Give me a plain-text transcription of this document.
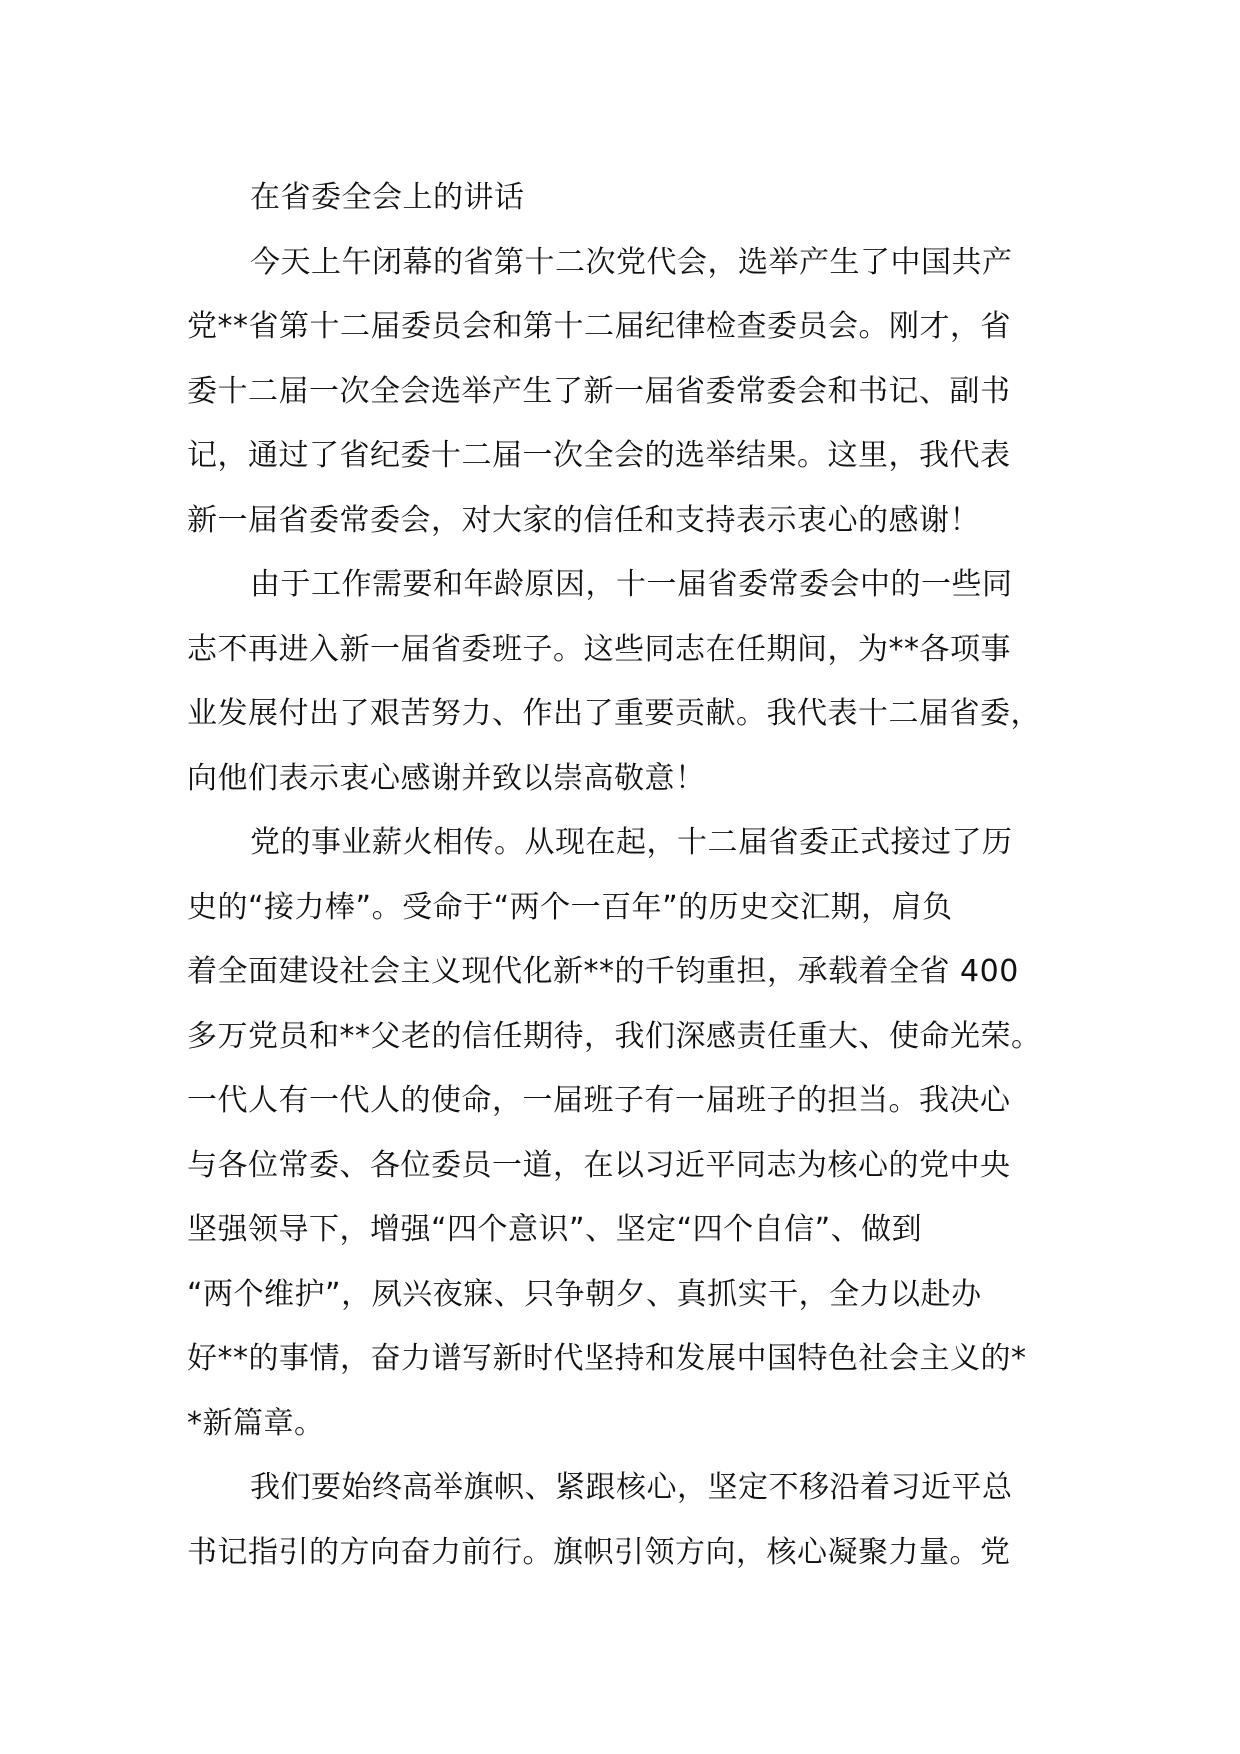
在省委全会上的讲话
今天上午闭幕的省第十二次党代会，选举产生了中国共产
党**省第十二届委员会和第十二届纪律检查委员会。刚才，省
委十二届一次全会选举产生了新一届省委常委会和书记、副书
记，通过了省纪委十二届一次全会的选举结果。这里，我代表
新一届省委常委会，对大家的信任和支持表示衷心的感谢！
由于工作需要和年龄原因，十一届省委常委会中的一些同
志不再进入新一届省委班子。这些同志在任期间，为**各项事
业发展付出了艰苦努力、作出了重要贡献。我代表十二届省委，
向他们表示衷心感谢并致以崇高敬意！
党的事业薪火相传。从现在起，十二届省委正式接过了历
史的“接力棒”。受命于“两个一百年”的历史交汇期，肩负
着全面建设社会主义现代化新**的千钧重担，承载着全省 400
多万党员和**父老的信任期待，我们深感责任重大、使命光荣。
一代人有一代人的使命，一届班子有一届班子的担当。我决心
与各位常委、各位委员一道，在以习近平同志为核心的党中央
坚强领导下，增强“四个意识”、坚定“四个自信”、做到
“两个维护”，夙兴夜寐、只争朝夕、真抓实干，全力以赴办
好**的事情，奋力谱写新时代坚持和发展中国特色社会主义的*
*新篇章。
我们要始终高举旗帜、紧跟核心，坚定不移沿着习近平总
书记指引的方向奋力前行。旗帜引领方向，核心凝聚力量。党
